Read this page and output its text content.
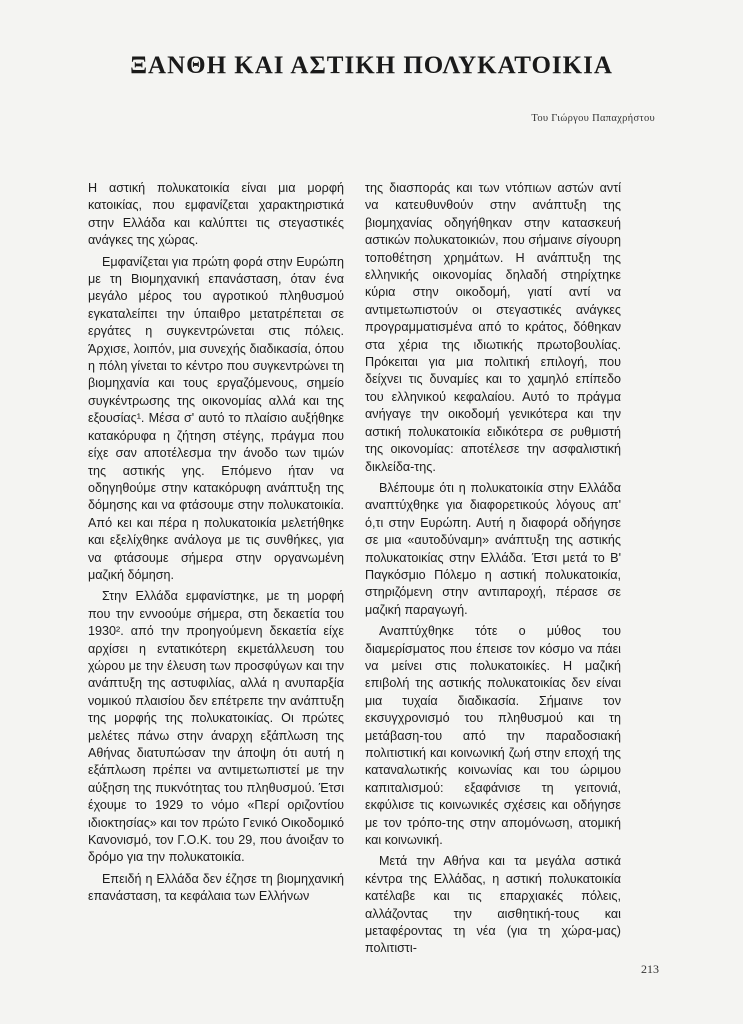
ΞΑΝΘΗ ΚΑΙ ΑΣΤΙΚΗ ΠΟΛΥΚΑΤΟΙΚΙΑ
Του Γιώργου Παπαχρήστου

Η αστική πολυκατοικία είναι μια μορφή κατοικίας, που εμφανίζεται χαρακτηριστικά στην Ελλάδα και καλύπτει τις στεγαστικές ανάγκες της χώρας.

Εμφανίζεται για πρώτη φορά στην Ευρώπη με τη Βιομηχανική επανάσταση, όταν ένα μεγάλο μέρος του αγροτικού πληθυσμού εγκαταλείπει την ύπαιθρο μετατρέπεται σε εργάτες η συγκεντρώνεται στις πόλεις. Άρχισε, λοιπόν, μια συνεχής διαδικασία, όπου η πόλη γίνεται το κέντρο που συγκεντρώνει τη βιομηχανία και τους εργαζόμενους, σημείο συγκέντρωσης της οικονομίας αλλά και της εξουσίας¹. Μέσα σ' αυτό το πλαίσιο αυξήθηκε κατακόρυφα η ζήτηση στέγης, πράγμα που είχε σαν αποτέλεσμα την άνοδο των τιμών της αστικής γης. Επόμενο ήταν να οδηγηθούμε στην κατακόρυφη ανάπτυξη της δόμησης και να φτάσουμε στην πολυκατοικία. Από κει και πέρα η πολυκατοικία μελετήθηκε και εξελίχθηκε ανάλογα με τις συνθήκες, για να φτάσουμε σήμερα στην οργανωμένη μαζική δόμηση.

Στην Ελλάδα εμφανίστηκε, με τη μορφή που την εννοούμε σήμερα, στη δεκαετία του 1930². από την προηγούμενη δεκαετία είχε αρχίσει η εντατικότερη εκμετάλλευση του χώρου με την έλευση των προσφύγων και την ανάπτυξη της αστυφιλίας, αλλά η ανυπαρξία νομικού πλαισίου δεν επέτρεπε την ανάπτυξη της μορφής της πολυκατοικίας. Οι πρώτες μελέτες πάνω στην άναρχη εξάπλωση της Αθήνας διατυπώσαν την άποψη ότι αυτή η εξάπλωση πρέπει να αντιμετωπιστεί με την αύξηση της πυκνότητας του πληθυσμού. Έτσι έχουμε το 1929 το νόμο «Περί οριζοντίου ιδιοκτησίας» και τον πρώτο Γενικό Οικοδομικό Κανονισμό, τον Γ.Ο.Κ. του 29, που άνοιξαν το δρόμο για την πολυκατοικία.

Επειδή η Ελλάδα δεν έζησε τη βιομηχανική επανάσταση, τα κεφάλαια των Ελλήνων

της διασποράς και των ντόπιων αστών αντί να κατευθυνθούν στην ανάπτυξη της βιομηχανίας οδηγήθηκαν στην κατασκευή αστικών πολυκατοικιών, που σήμαινε σίγουρη τοποθέτηση χρημάτων. Η ανάπτυξη της ελληνικής οικονομίας δηλαδή στηρίχτηκε κύρια στην οικοδομή, γιατί αντί να αντιμετωπιστούν οι στεγαστικές ανάγκες προγραμματισμένα από το κράτος, δόθηκαν στα χέρια της ιδιωτικής πρωτοβουλίας. Πρόκειται για μια πολιτική επιλογή, που δείχνει τις δυναμίες και το χαμηλό επίπεδο του ελληνικού κεφαλαίου. Αυτό το πράγμα ανήγαγε την οικοδομή γενικότερα και την αστική πολυκατοικία ειδικότερα σε ρυθμιστή της οικονομίας: αποτέλεσε την ασφαλιστική δικλείδα-της.

Βλέπουμε ότι η πολυκατοικία στην Ελλάδα αναπτύχθηκε για διαφορετικούς λόγους απ' ό,τι στην Ευρώπη. Αυτή η διαφορά οδήγησε σε μια «αυτοδύναμη» ανάπτυξη της αστικής πολυκατοικίας στην Ελλάδα. Έτσι μετά το Β' Παγκόσμιο Πόλεμο η αστική πολυκατοικία, στηριζόμενη στην αντιπαροχή, πέρασε σε μαζική παραγωγή.

Αναπτύχθηκε τότε ο μύθος του διαμερίσματος που έπεισε τον κόσμο να πάει να μείνει στις πολυκατοικίες. Η μαζική επιβολή της αστικής πολυκατοικίας δεν είναι μια τυχαία διαδικασία. Σήμαινε τον εκσυγχρονισμό του πληθυσμού και τη μετάβαση-του από την παραδοσιακή πολιτιστική και κοινωνική ζωή στην εποχή της καταναλωτικής κοινωνίας και του ώριμου καπιταλισμού: εξαφάνισε τη γειτονιά, εκφύλισε τις κοινωνικές σχέσεις και οδήγησε με τον τρόπο-της στην απομόνωση, ατομική και κοινωνική.

Μετά την Αθήνα και τα μεγάλα αστικά κέντρα της Ελλάδας, η αστική πολυκατοικία κατέλαβε και τις επαρχιακές πόλεις, αλλάζοντας την αισθητική-τους και μεταφέροντας τη νέα (για τη χώρα-μας) πολιτιστι-

213
